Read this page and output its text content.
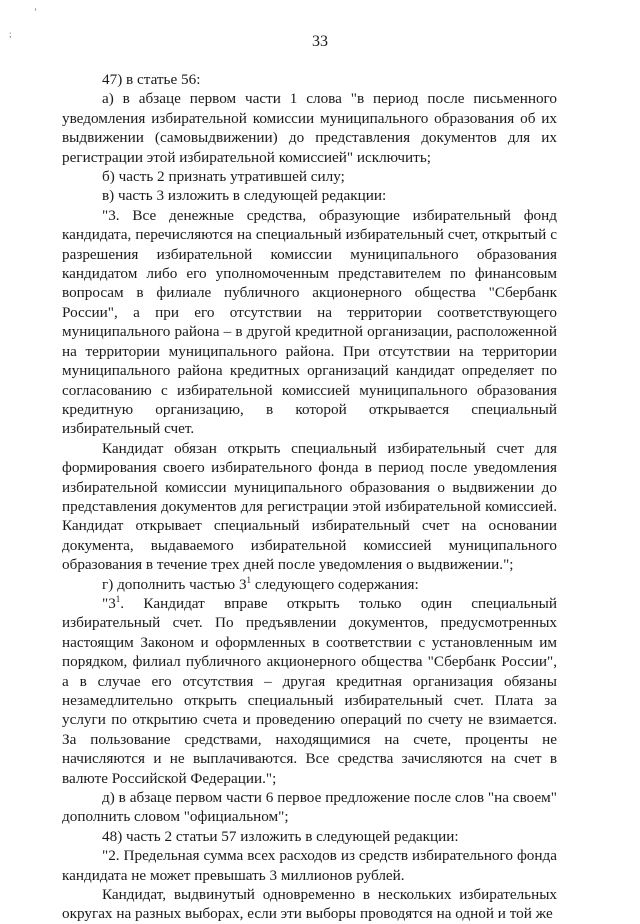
ʼ
;	33

47) в статье 56:

а) в абзаце первом части 1 слова "в период после письменного уведомления избирательной комиссии муниципального образования об их выдвижении (самовыдвижении) до представления документов для их регистрации этой избирательной комиссией" исключить;

б) часть 2 признать утратившей силу;

в) часть 3 изложить в следующей редакции:

"3. Все денежные средства, образующие избирательный фонд кандидата, перечисляются на специальный избирательный счет, открытый с разрешения избирательной комиссии муниципального образования кандидатом либо его уполномоченным представителем по финансовым вопросам в филиале публичного акционерного общества "Сбербанк России", а при его отсутствии на территории соответствующего муниципального района – в другой кредитной организации, расположенной на территории муниципального района. При отсутствии на территории муниципального района кредитных организаций кандидат определяет по согласованию с избирательной комиссией муниципального образования кредитную организацию, в которой открывается специальный избирательный счет.

Кандидат обязан открыть специальный избирательный счет для формирования своего избирательного фонда в период после уведомления избирательной комиссии муниципального образования о выдвижении до представления документов для регистрации этой избирательной комиссией. Кандидат открывает специальный избирательный счет на основании документа, выдаваемого избирательной комиссией муниципального образования в течение трех дней после уведомления о выдвижении.";

г) дополнить частью $3^1$ следующего содержания:

"$3^1$. Кандидат вправе открыть только один специальный избирательный счет. По предъявлении документов, предусмотренных настоящим Законом и оформленных в соответствии с установленным им порядком, филиал публичного акционерного общества "Сбербанк России", а в случае его отсутствия – другая кредитная организация обязаны незамедлительно открыть специальный избирательный счет. Плата за услуги по открытию счета и проведению операций по счету не взимается. За пользование средствами, находящимися на счете, проценты не начисляются и не выплачиваются. Все средства зачисляются на счет в валюте Российской Федерации.";

д) в абзаце первом части 6 первое предложение после слов "на своем" дополнить словом "официальном";

48) часть 2 статьи 57 изложить в следующей редакции:

"2. Предельная сумма всех расходов из средств избирательного фонда кандидата не может превышать 3 миллионов рублей.

Кандидат, выдвинутый одновременно в нескольких избирательных округах на разных выборах, если эти выборы проводятся на одной и той же
